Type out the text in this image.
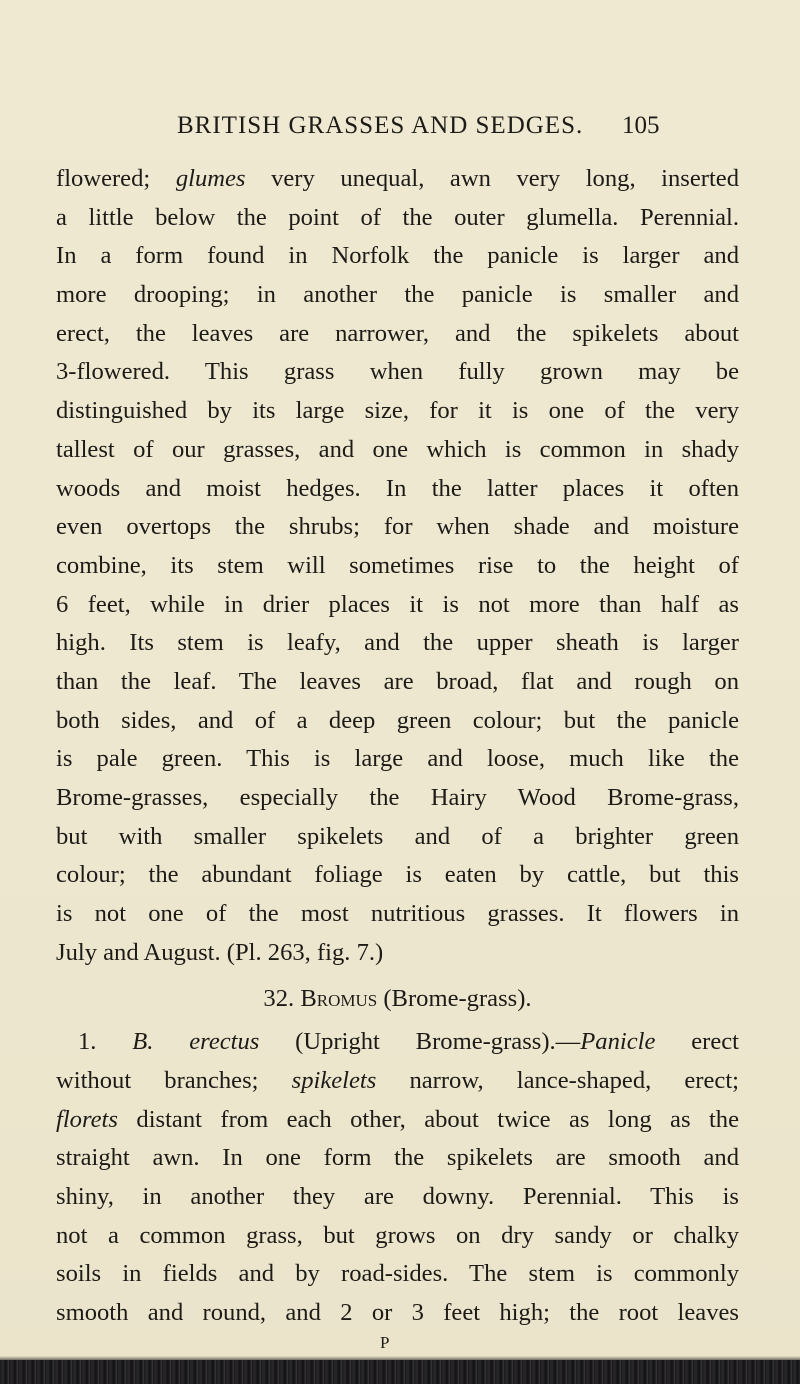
BRITISH GRASSES AND SEDGES. 105
flowered; glumes very unequal, awn very long, inserted
a little below the point of the outer glumella. Perennial.
In a form found in Norfolk the panicle is larger and
more drooping; in another the panicle is smaller and
erect, the leaves are narrower, and the spikelets about
3-flowered. This grass when fully grown may be
distinguished by its large size, for it is one of the very
tallest of our grasses, and one which is common in shady
woods and moist hedges. In the latter places it often
even overtops the shrubs; for when shade and moisture
combine, its stem will sometimes rise to the height of
6 feet, while in drier places it is not more than half as
high. Its stem is leafy, and the upper sheath is larger
than the leaf. The leaves are broad, flat and rough on
both sides, and of a deep green colour; but the panicle
is pale green. This is large and loose, much like the
Brome-grasses, especially the Hairy Wood Brome-grass,
but with smaller spikelets and of a brighter green
colour; the abundant foliage is eaten by cattle, but this
is not one of the most nutritious grasses. It flowers in
July and August. (Pl. 263, fig. 7.)
32. Bromus (Brome-grass).
1. B. erectus (Upright Brome-grass).—Panicle erect
without branches; spikelets narrow, lance-shaped, erect;
florets distant from each other, about twice as long as the
straight awn. In one form the spikelets are smooth and
shiny, in another they are downy. Perennial. This is
not a common grass, but grows on dry sandy or chalky
soils in fields and by road-sides. The stem is commonly
smooth and round, and 2 or 3 feet high; the root leaves
P
